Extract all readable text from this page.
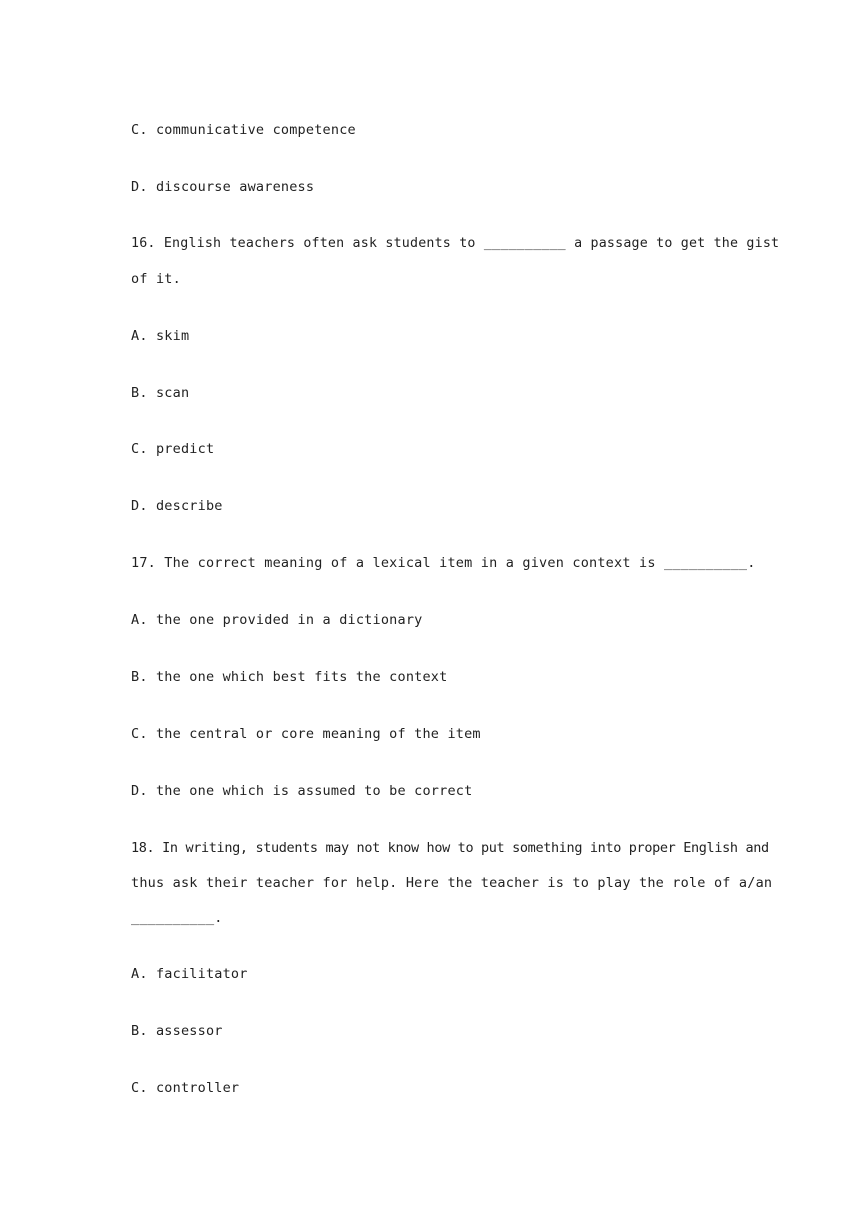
C. communicative competence
D. discourse awareness
16. English teachers often ask students to __________ a passage to get the gist
of it.
A. skim
B. scan
C. predict
D. describe
17. The correct meaning of a lexical item in a given context is __________.
A. the one provided in a dictionary
B. the one which best fits the context
C. the central or core meaning of the item
D. the one which is assumed to be correct
18. In writing, students may not know how to put something into proper English and
thus ask their teacher for help. Here the teacher is to play the role of a/an
__________.
A. facilitator
B. assessor
C. controller
